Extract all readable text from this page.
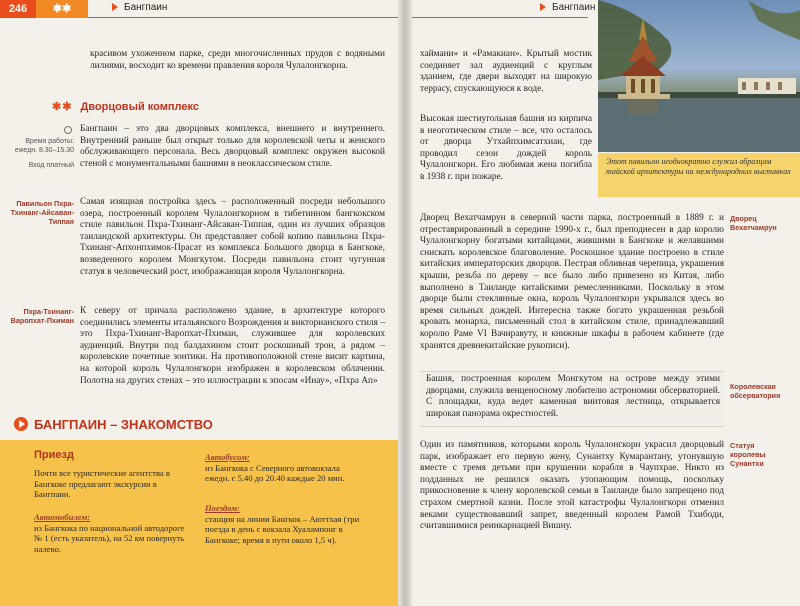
246	✱✱	Бангпаин
красивом ухоженном парке, среди многочисленных прудов с водяными лилиями, восходит ко времени правления короля Чулалонгкорна.
✱✱ Дворцовый комплекс
Время работы:
ежедн. 8.30–15.30
Вход платный
Бангпаин – это два дворцовых комплекса, внешнего и внутреннего. Внутренний раньше был открыт только для королевской четы и женского обслуживающего персонала. Весь дворцовый комплекс окружен высокой стеной с монументальными башнями в неоклассическом стиле.
Павильон Пхра-Тхинанг-Айсаван-Типпая
Самая изящная постройка здесь – расположенный посреди небольшого озера, построенный королем Чулалонгкорном в тибетинном бангкокском стиле павильон Пхра-Тхинанг-Айсаван-Типпая, один из лучших образцов таиландской архитектуры. Он представляет собой копию павильона Пхра-Тхинанг-Апхонпхимок-Прасат из комплекса Большого дворца в Бангкоке, возведенного королем Монгкутом. Посреди павильона стоит чугунная статуя в человеческий рост, изображающая короля Чулалонгкорна.
Пхра-Тхинанг-Варопхат-Пхиман
К северу от причала расположено здание, в архитектуре которого соединились элементы итальянского Возрождения и викторианского стиля – это Пхра-Тхинанг-Варопхат-Пхиман, служившее для королевских аудиенций. Внутри под балдахином стоит роскошный трон, а рядом – королевские почетные зонтики. На противоположной стене висит картина, на которой король Чулалонгкорн изображен в королевском облачении. Полотна на других стенах – это иллюстрации к эпосам «Инау», «Пхра Ап»
БАНГПАИН – ЗНАКОМСТВО
Приезд
Почти все туристические агентства в Бангкоке предлагают экскурсии в Бангпаин.
Автомобилем:
из Бангкока по национальной автодороге № 1 (есть указатель), на 52 км повернуть налево.
Автобусом:
из Бангкока с Северного автовокзала ежедн. с 5.40 до 20.40 каждые 20 мин.
Поездом:
станция на линии Бангкок – Аюттхая (три поезда в день с вокзала Хуалампонг в Бангкоке; время в пути около 1,5 ч).
Бангпаин
Этот павильон неоднократно служил образцом тайской архитектуры на международных выставках
хаймани» и «Рамакиан». Крытый мостик соединяет зал аудиенций с круглым зданием, где двери выходят на широкую террасу, спускающуюся к воде.
Высокая шестиугольная башня из кирпича в неоготическом стиле – все, что осталось от дворца Утхайпхимсатхиан, где проводил сезон дождей король Чулалонгкорн. Его любимая жена погибла в 1938 г. при пожаре.
Дворец Вехатчамрун в северной части парка, построенный в 1889 г. и отреставрированный в середине 1990-х г., был преподнесен в дар королю Чулалонгкорну богатыми китайцами, жившими в Бангкоке и желавшими снискать королевское благоволение. Роскошное здание построено в стиле китайских императорских дворцов. Пестрая обливная черепица, украшения крыши, резьба по дереву – все было либо привезено из Китая, либо выполнено в Таиланде китайскими ремесленниками. Поскольку в этом дворце были стеклянные окна, король Чулалонгкорн укрывался здесь во время сильных дождей. Интересна также богато украшенная резьбой кровать монарха, письменный стол в китайском стиле, принадлежавший королю Раме VI Вачиравуту, и книжные шкафы в рабочем кабинете (где хранятся древнекитайские рукописи).
Дворец Вехатчамрун
Башня, построенная королем Монгкутом на острове между этими дворцами, служила венценосному любителю астрономии обсерваторией. С площадки, куда ведет каменная винтовая лестница, открывается широкая панорама окрестностей.
Королевская обсерватория
Один из памятников, которыми король Чулалонгкорн украсил дворцовый парк, изображает его первую жену, Сунантху Кумарантану, утонувшую вместе с тремя детьми при крушении корабля в Чаупхрае. Никто из подданных не решился оказать утопающим помощь, поскольку прикосновение к члену королевской семьи в Таиланде было запрещено под страхом смертной казни. После этой катастрофы Чулалонгкорн отменил веками существовавший запрет, введенный королем Рамой Тхибоди, считавшимися реинкарнацией Вишну.
Статуя королевы Сунантхи
